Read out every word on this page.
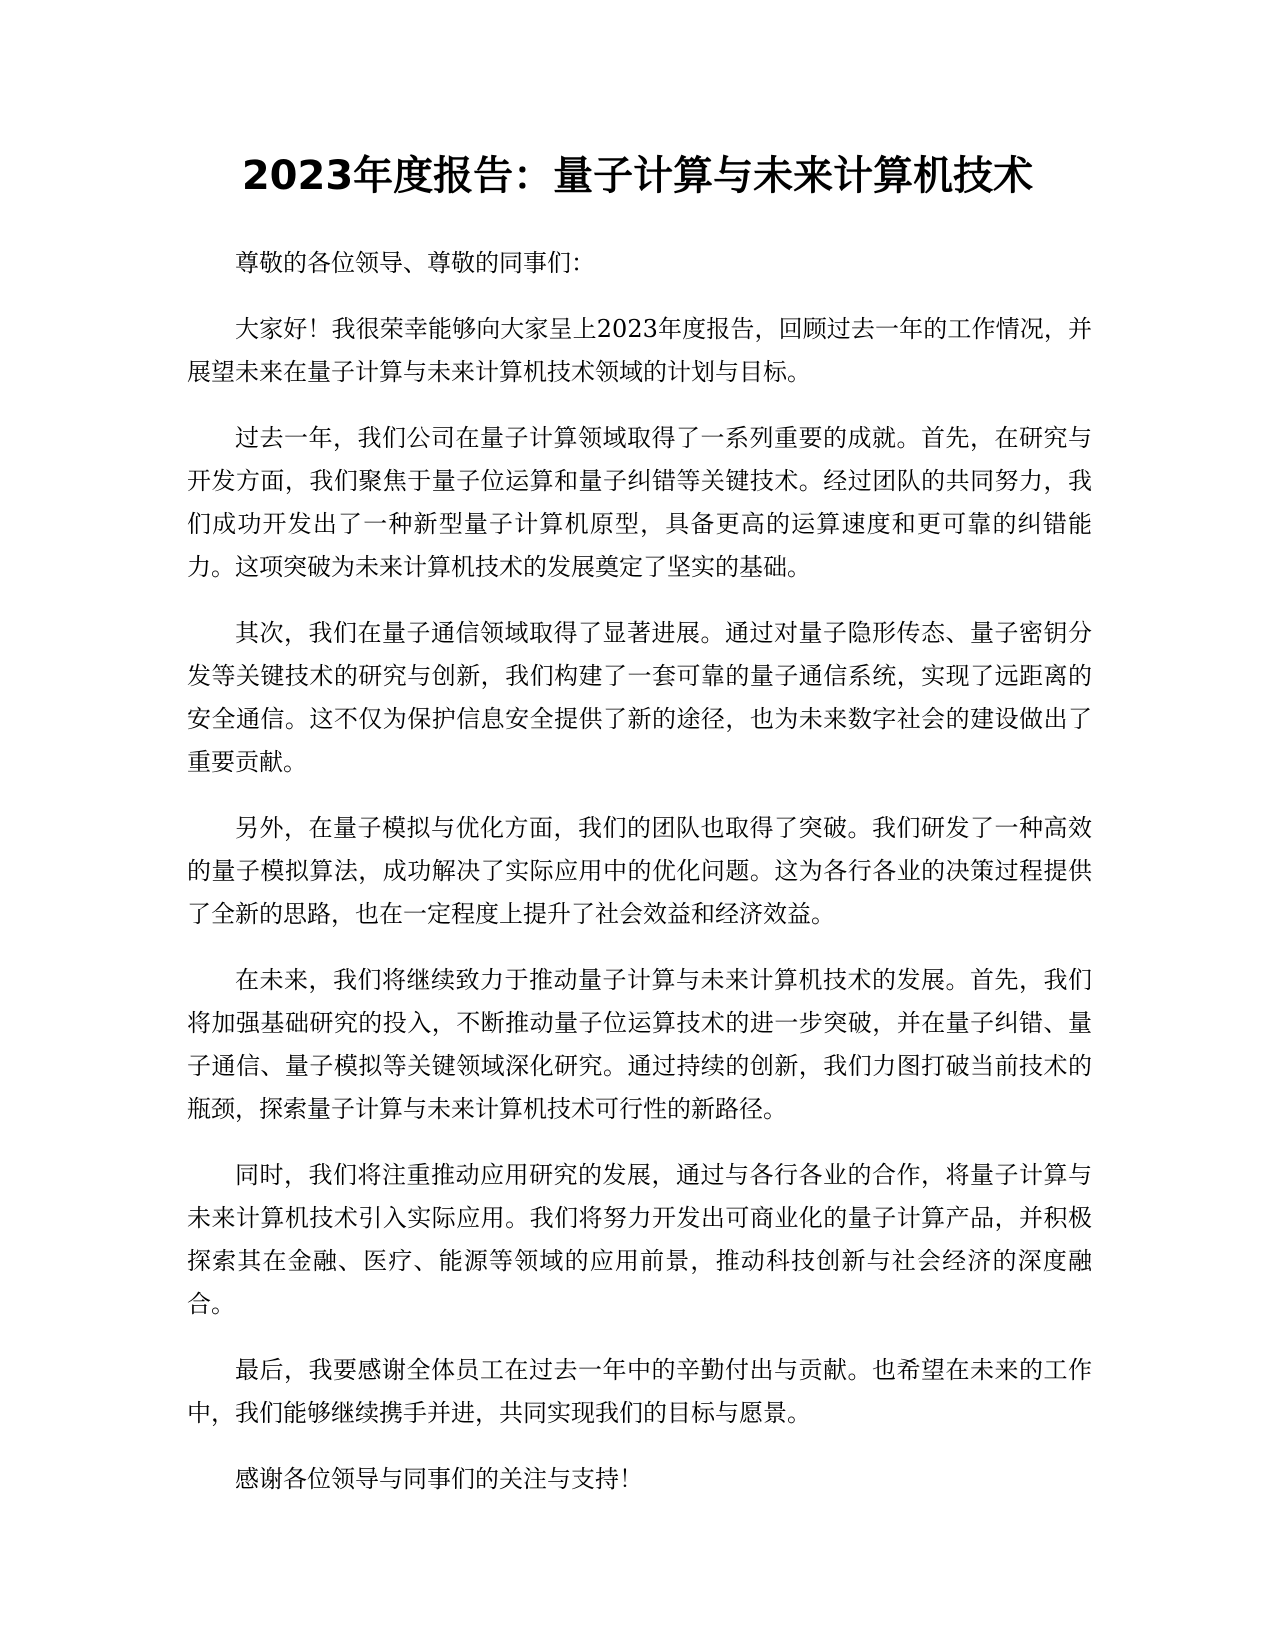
2023年度报告：量子计算与未来计算机技术

尊敬的各位领导、尊敬的同事们：

大家好！我很荣幸能够向大家呈上2023年度报告，回顾过去一年的工作情况，并展望未来在量子计算与未来计算机技术领域的计划与目标。

过去一年，我们公司在量子计算领域取得了一系列重要的成就。首先，在研究与开发方面，我们聚焦于量子位运算和量子纠错等关键技术。经过团队的共同努力，我们成功开发出了一种新型量子计算机原型，具备更高的运算速度和更可靠的纠错能力。这项突破为未来计算机技术的发展奠定了坚实的基础。

其次，我们在量子通信领域取得了显著进展。通过对量子隐形传态、量子密钥分发等关键技术的研究与创新，我们构建了一套可靠的量子通信系统，实现了远距离的安全通信。这不仅为保护信息安全提供了新的途径，也为未来数字社会的建设做出了重要贡献。

另外，在量子模拟与优化方面，我们的团队也取得了突破。我们研发了一种高效的量子模拟算法，成功解决了实际应用中的优化问题。这为各行各业的决策过程提供了全新的思路，也在一定程度上提升了社会效益和经济效益。

在未来，我们将继续致力于推动量子计算与未来计算机技术的发展。首先，我们将加强基础研究的投入，不断推动量子位运算技术的进一步突破，并在量子纠错、量子通信、量子模拟等关键领域深化研究。通过持续的创新，我们力图打破当前技术的瓶颈，探索量子计算与未来计算机技术可行性的新路径。

同时，我们将注重推动应用研究的发展，通过与各行各业的合作，将量子计算与未来计算机技术引入实际应用。我们将努力开发出可商业化的量子计算产品，并积极探索其在金融、医疗、能源等领域的应用前景，推动科技创新与社会经济的深度融合。

最后，我要感谢全体员工在过去一年中的辛勤付出与贡献。也希望在未来的工作中，我们能够继续携手并进，共同实现我们的目标与愿景。

感谢各位领导与同事们的关注与支持！
